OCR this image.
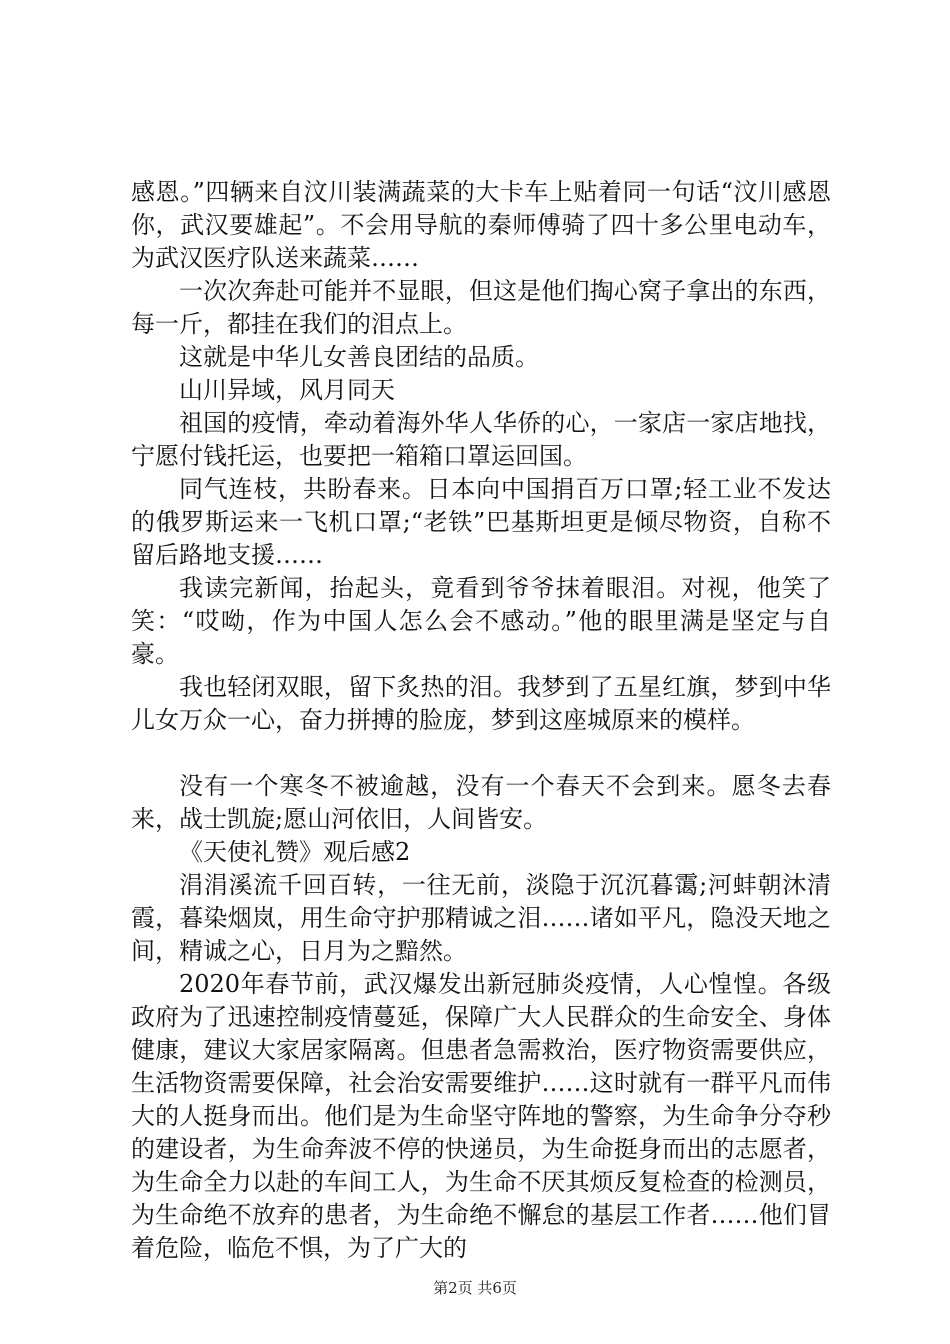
感恩。”四辆来自汶川装满蔬菜的大卡车上贴着同一句话“汶川感恩你，武汉要雄起”。不会用导航的秦师傅骑了四十多公里电动车，为武汉医疗队送来蔬菜……

一次次奔赴可能并不显眼，但这是他们掏心窝子拿出的东西，每一斤，都挂在我们的泪点上。

这就是中华儿女善良团结的品质。

山川异域，风月同天

祖国的疫情，牵动着海外华人华侨的心，一家店一家店地找，宁愿付钱托运，也要把一箱箱口罩运回国。

同气连枝，共盼春来。日本向中国捐百万口罩;轻工业不发达的俄罗斯运来一飞机口罩;“老铁”巴基斯坦更是倾尽物资，自称不留后路地支援……

我读完新闻，抬起头，竟看到爷爷抹着眼泪。对视，他笑了笑：“哎呦，作为中国人怎么会不感动。”他的眼里满是坚定与自豪。

我也轻闭双眼，留下炙热的泪。我梦到了五星红旗，梦到中华儿女万众一心，奋力拼搏的脸庞，梦到这座城原来的模样。

没有一个寒冬不被逾越，没有一个春天不会到来。愿冬去春来，战士凯旋;愿山河依旧，人间皆安。

《天使礼赞》观后感2

涓涓溪流千回百转，一往无前，淡隐于沉沉暮霭;河蚌朝沐清霞，暮染烟岚，用生命守护那精诚之泪……诸如平凡，隐没天地之间，精诚之心，日月为之黯然。

2020年春节前，武汉爆发出新冠肺炎疫情，人心惶惶。各级政府为了迅速控制疫情蔓延，保障广大人民群众的生命安全、身体健康，建议大家居家隔离。但患者急需救治，医疗物资需要供应，生活物资需要保障，社会治安需要维护……这时就有一群平凡而伟大的人挺身而出。他们是为生命坚守阵地的警察，为生命争分夺秒的建设者，为生命奔波不停的快递员，为生命挺身而出的志愿者，为生命全力以赴的车间工人，为生命不厌其烦反复检查的检测员，为生命绝不放弃的患者，为生命绝不懈怠的基层工作者……他们冒着危险，临危不惧，为了广大的

第2页 共6页
